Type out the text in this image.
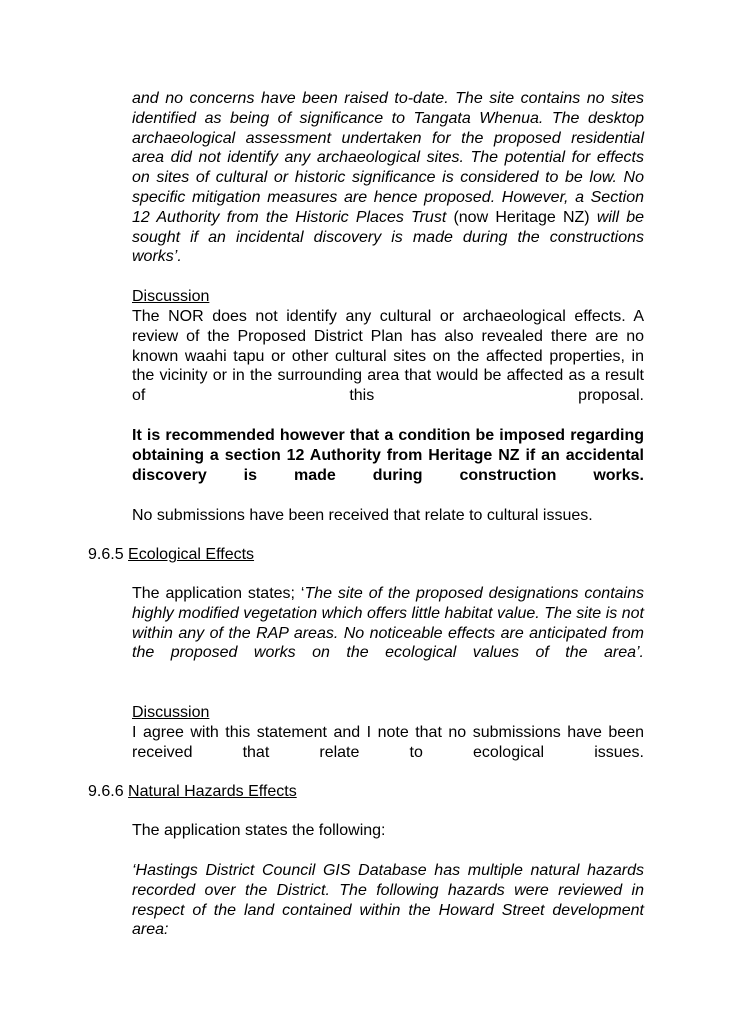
and no concerns have been raised to-date. The site contains no sites identified as being of significance to Tangata Whenua. The desktop archaeological assessment undertaken for the proposed residential area did not identify any archaeological sites. The potential for effects on sites of cultural or historic significance is considered to be low. No specific mitigation measures are hence proposed. However, a Section 12 Authority from the Historic Places Trust (now Heritage NZ) will be sought if an incidental discovery is made during the constructions works’.

Discussion

The NOR does not identify any cultural or archaeological effects. A review of the Proposed District Plan has also revealed there are no known waahi tapu or other cultural sites on the affected properties, in the vicinity or in the surrounding area that would be affected as a result of this proposal.

It is recommended however that a condition be imposed regarding obtaining a section 12 Authority from Heritage NZ if an accidental discovery is made during construction works.

No submissions have been received that relate to cultural issues.

9.6.5 Ecological Effects

The application states; ‘The site of the proposed designations contains highly modified vegetation which offers little habitat value. The site is not within any of the RAP areas. No noticeable effects are anticipated from the proposed works on the ecological values of the area’.

Discussion

I agree with this statement and I note that no submissions have been received that relate to ecological issues.

9.6.6 Natural Hazards Effects

The application states the following:

‘Hastings District Council GIS Database has multiple natural hazards recorded over the District. The following hazards were reviewed in respect of the land contained within the Howard Street development area:
